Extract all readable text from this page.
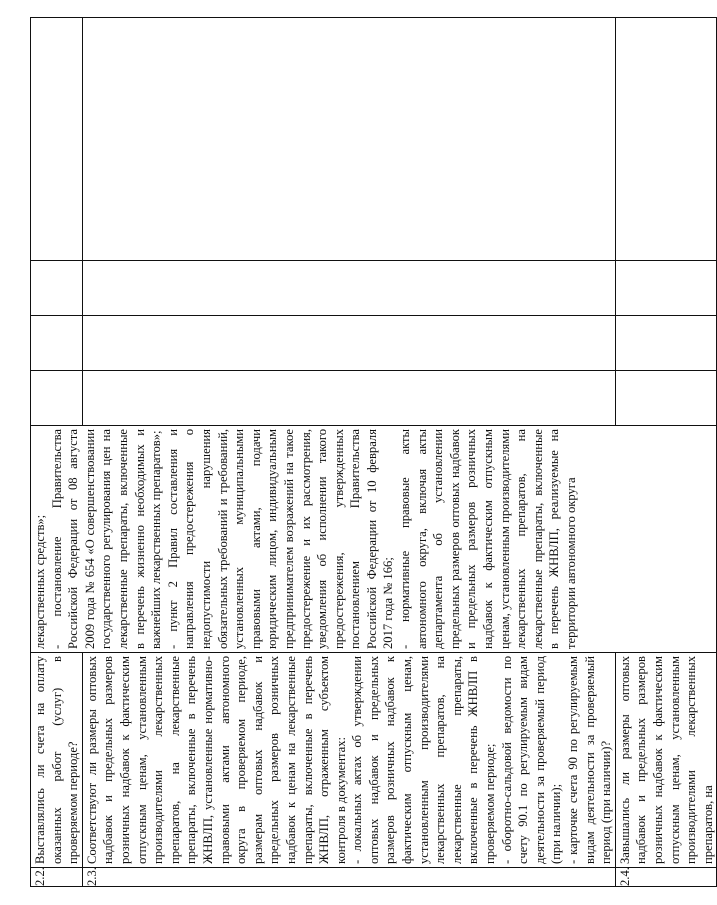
2.2.	Выставлялись ли счета на оплату оказанных работ (услуг) в проверяемом периоде?	лекарственных средств»; - постановление Правительства Российской Федерации от 08 августа 2009 года № 654 «О совершенствовании государственного регулирования цен на лекарственные препараты, включенные в перечень жизненно необходимых и важнейших лекарственных препаратов»; - пункт 2 Правил составления и направления предостережения о недопустимости нарушения обязательных требований и требований, установленных муниципальными правовыми актами, подачи юридическим лицом, индивидуальным предпринимателем возражений на такое предостережение и их рассмотрения, уведомления об исполнении такого предостережения, утвержденных постановлением Правительства Российской Федерации от 10 февраля 2017 года № 166; - нормативные правовые акты автономного округа, включая акты департамента об установлении предельных размеров оптовых надбавок и предельных размеров розничных надбавок к фактическим отпускным ценам, установленным производителями лекарственных препаратов, на лекарственные препараты, включенные в перечень ЖНВЛП, реализуемые на территории автономного округа				

2.3.	Соответствуют ли размеры оптовых надбавок и предельных размеров розничных надбавок к фактическим отпускным ценам, установленным производителями лекарственных препаратов, на лекарственные препараты, включенные в перечень ЖНВЛП, установленные нормативно-правовыми актами автономного округа в проверяемом периоде, размерам оптовых надбавок и предельных размеров розничных надбавок к ценам на лекарственные препараты, включенные в перечень ЖНВЛП, отраженным субъектом контроля в документах: - локальных актах об утверждении оптовых надбавок и предельных размеров розничных надбавок к фактическим отпускным ценам, установленным производителями лекарственных препаратов, на лекарственные препараты, включенные в перечень ЖНВЛП в проверяемом периоде; - оборотно-сальдовой ведомости по счету 90.1 по регулируемым видам деятельности за проверяемый период (при наличии); - карточке счета 90 по регулируемым видам деятельности за проверяемый период (при наличии)?					

2.4.	Завышались ли размеры оптовых надбавок и предельных размеров розничных надбавок к фактическим отпускным ценам, установленным производителями лекарственных препаратов, на					
